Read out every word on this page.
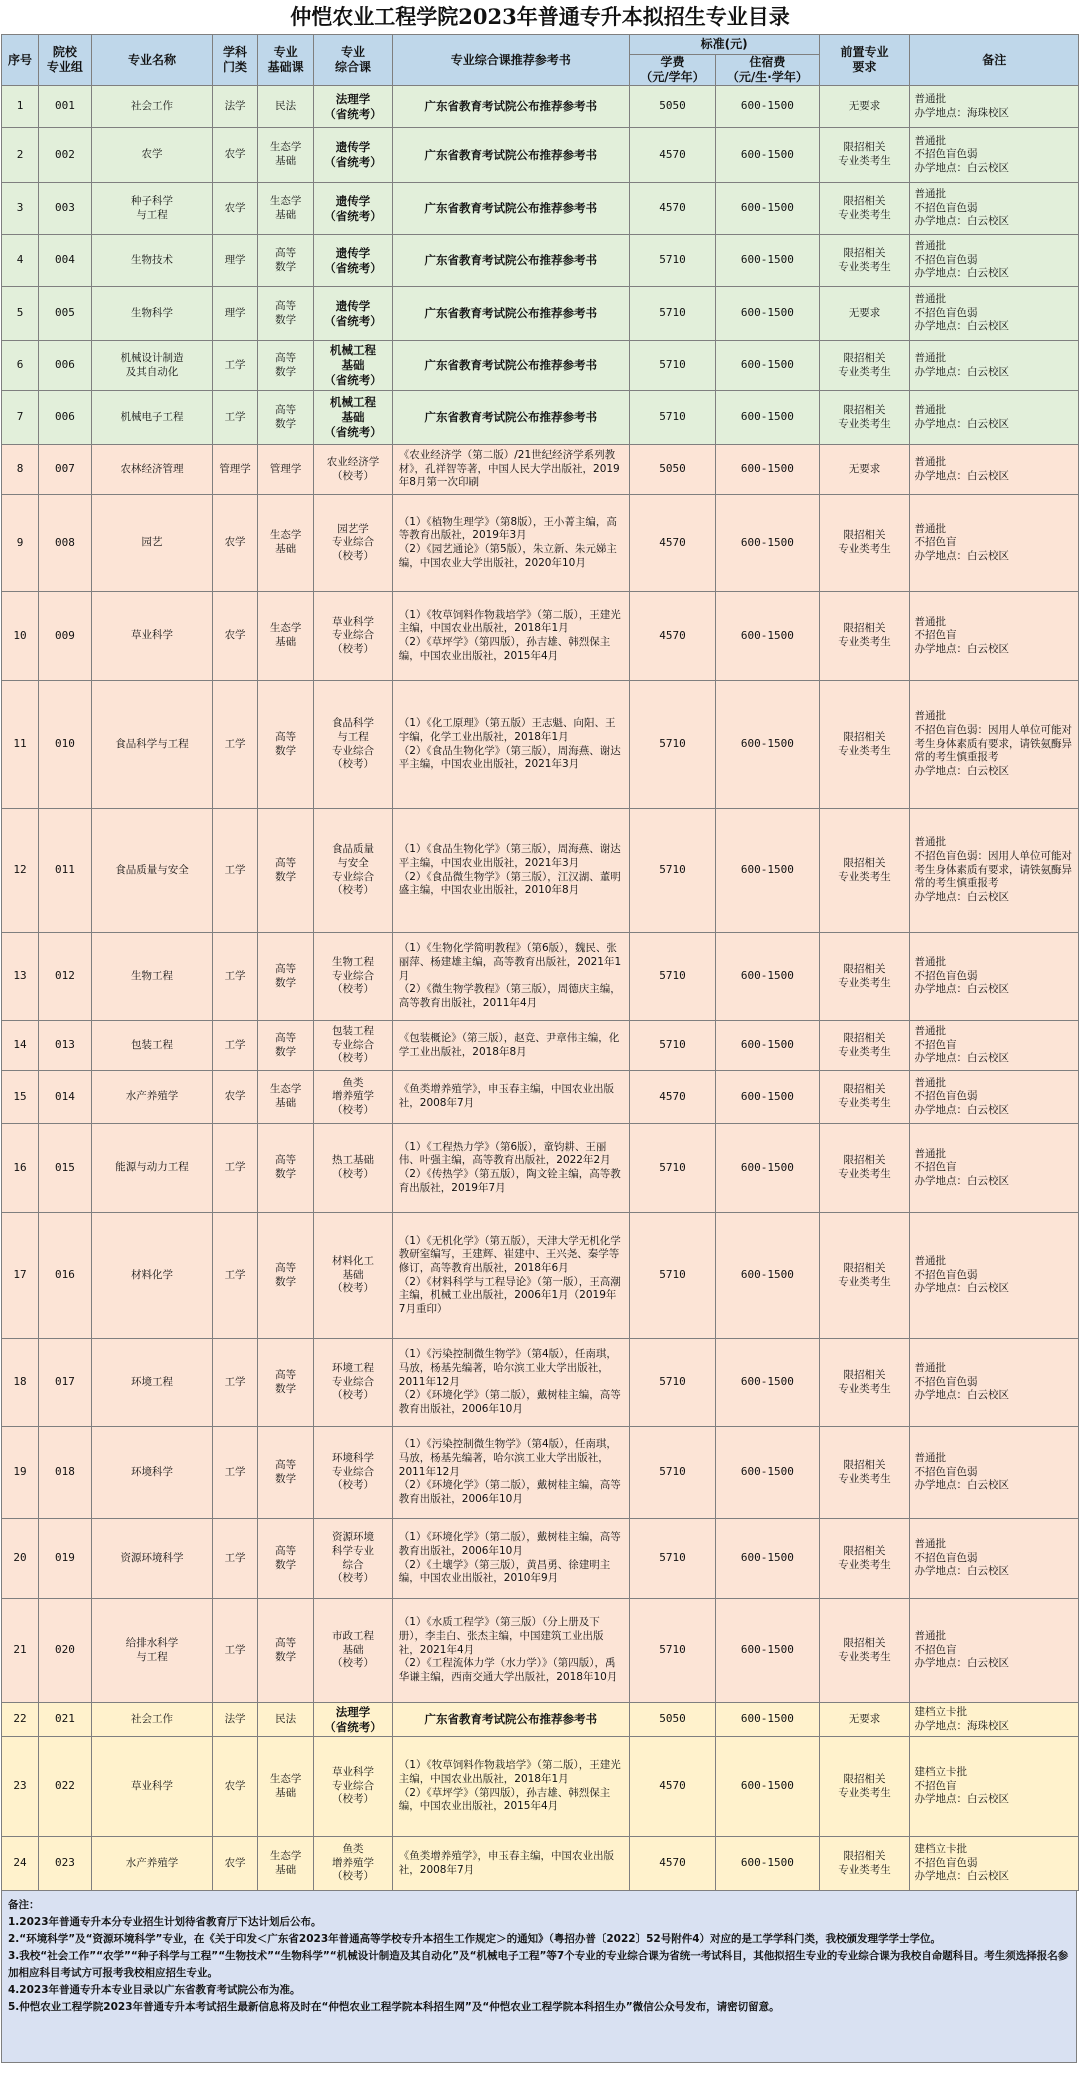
仲恺农业工程学院2023年普通专升本拟招生专业目录
序号	院校
专业组	专业名称	学科
门类	专业
基础课	专业
综合课	专业综合课推荐参考书	标准(元)		前置专业
要求	备注

							学费
（元/学年）	住宿费
（元/生·学年）		

1	001	社会工作	法学	民法	法理学
（省统考）	广东省教育考试院公布推荐参考书	5050	600-1500	无要求	普通批
办学地点：海珠校区

2	002	农学	农学	生态学
基础	遗传学
（省统考）	广东省教育考试院公布推荐参考书	4570	600-1500	限招相关
专业类考生	普通批
不招色盲色弱
办学地点：白云校区

3	003	种子科学
与工程	农学	生态学
基础	遗传学
（省统考）	广东省教育考试院公布推荐参考书	4570	600-1500	限招相关
专业类考生	普通批
不招色盲色弱
办学地点：白云校区

4	004	生物技术	理学	高等
数学	遗传学
（省统考）	广东省教育考试院公布推荐参考书	5710	600-1500	限招相关
专业类考生	普通批
不招色盲色弱
办学地点：白云校区

5	005	生物科学	理学	高等
数学	遗传学
（省统考）	广东省教育考试院公布推荐参考书	5710	600-1500	无要求	普通批
不招色盲色弱
办学地点：白云校区

6	006	机械设计制造
及其自动化	工学	高等
数学	机械工程
基础
（省统考）	广东省教育考试院公布推荐参考书	5710	600-1500	限招相关
专业类考生	普通批
办学地点：白云校区

7	006	机械电子工程	工学	高等
数学	机械工程
基础
（省统考）	广东省教育考试院公布推荐参考书	5710	600-1500	限招相关
专业类考生	普通批
办学地点：白云校区

8	007	农林经济管理	管理学	管理学	农业经济学
（校考）	《农业经济学（第二版）/21世纪经济学系列教材》，孔祥智等著，中国人民大学出版社，2019年8月第一次印刷	5050	600-1500	无要求	普通批
办学地点：白云校区

9	008	园艺	农学	生态学
基础	园艺学
专业综合
（校考）	（1）《植物生理学》（第8版），王小菁主编，高等教育出版社，2019年3月
（2）《园艺通论》（第5版），朱立新、朱元娣主编，中国农业大学出版社，2020年10月	4570	600-1500	限招相关
专业类考生	普通批
不招色盲
办学地点：白云校区

10	009	草业科学	农学	生态学
基础	草业科学
专业综合
（校考）	（1）《牧草饲料作物栽培学》（第二版），王建光主编，中国农业出版社，2018年1月
（2）《草坪学》（第四版），孙吉雄、韩烈保主编，中国农业出版社，2015年4月	4570	600-1500	限招相关
专业类考生	普通批
不招色盲
办学地点：白云校区

11	010	食品科学与工程	工学	高等
数学	食品科学
与工程
专业综合
（校考）	（1）《化工原理》（第五版）王志魁、向阳、王宇编，化学工业出版社，2018年1月
（2）《食品生物化学》（第三版），周海燕、谢达平主编，中国农业出版社，2021年3月	5710	600-1500	限招相关
专业类考生	普通批
不招色盲色弱：因用人单位可能对考生身体素质有要求，请铁氨酶异常的考生慎重报考
办学地点：白云校区

12	011	食品质量与安全	工学	高等
数学	食品质量
与安全
专业综合
（校考）	（1）《食品生物化学》（第三版），周海燕、谢达平主编，中国农业出版社，2021年3月
（2）《食品微生物学》（第三版），江汉湖、董明盛主编，中国农业出版社，2010年8月	5710	600-1500	限招相关
专业类考生	普通批
不招色盲色弱：因用人单位可能对考生身体素质有要求，请铁氨酶异常的考生慎重报考
办学地点：白云校区

13	012	生物工程	工学	高等
数学	生物工程
专业综合
（校考）	（1）《生物化学简明教程》（第6版），魏民、张丽萍、杨建雄主编，高等教育出版社，2021年1月
（2）《微生物学教程》（第三版），周德庆主编，高等教育出版社，2011年4月	5710	600-1500	限招相关
专业类考生	普通批
不招色盲色弱
办学地点：白云校区

14	013	包装工程	工学	高等
数学	包装工程
专业综合
（校考）	《包装概论》（第三版），赵竞、尹章伟主编，化学工业出版社，2018年8月	5710	600-1500	限招相关
专业类考生	普通批
不招色盲
办学地点：白云校区

15	014	水产养殖学	农学	生态学
基础	鱼类
增养殖学
（校考）	《鱼类增养殖学》，申玉春主编，中国农业出版社，2008年7月	4570	600-1500	限招相关
专业类考生	普通批
不招色盲色弱
办学地点：白云校区

16	015	能源与动力工程	工学	高等
数学	热工基础
（校考）	（1）《工程热力学》（第6版），童钧耕、王丽伟、叶强主编，高等教育出版社，2022年2月
（2）《传热学》（第五版），陶文铨主编，高等教育出版社，2019年7月	5710	600-1500	限招相关
专业类考生	普通批
不招色盲
办学地点：白云校区

17	016	材料化学	工学	高等
数学	材料化工
基础
（校考）	（1）《无机化学》（第五版），天津大学无机化学教研室编写，王建辉、崔建中、王兴尧、秦学等修订，高等教育出版社，2018年6月
（2）《材料科学与工程导论》（第一版），王高潮主编，机械工业出版社，2006年1月（2019年7月重印）	5710	600-1500	限招相关
专业类考生	普通批
不招色盲色弱
办学地点：白云校区

18	017	环境工程	工学	高等
数学	环境工程
专业综合
（校考）	（1）《污染控制微生物学》（第4版），任南琪，马放，杨基先编著，哈尔滨工业大学出版社，2011年12月
（2）《环境化学》（第二版），戴树桂主编，高等教育出版社，2006年10月	5710	600-1500	限招相关
专业类考生	普通批
不招色盲色弱
办学地点：白云校区

19	018	环境科学	工学	高等
数学	环境科学
专业综合
（校考）	（1）《污染控制微生物学》（第4版），任南琪，马放，杨基先编著，哈尔滨工业大学出版社，2011年12月
（2）《环境化学》（第二版），戴树桂主编，高等教育出版社，2006年10月	5710	600-1500	限招相关
专业类考生	普通批
不招色盲色弱
办学地点：白云校区

20	019	资源环境科学	工学	高等
数学	资源环境
科学专业
综合
（校考）	（1）《环境化学》（第二版），戴树桂主编，高等教育出版社，2006年10月
（2）《土壤学》（第三版），黄昌勇、徐建明主编，中国农业出版社，2010年9月	5710	600-1500	限招相关
专业类考生	普通批
不招色盲色弱
办学地点：白云校区

21	020	给排水科学
与工程	工学	高等
数学	市政工程
基础
（校考）	（1）《水质工程学》（第三版）（分上册及下册），李圭白、张杰主编，中国建筑工业出版社，2021年4月
（2）《工程流体力学（水力学）》（第四版），禹华谦主编，西南交通大学出版社，2018年10月	5710	600-1500	限招相关
专业类考生	普通批
不招色盲
办学地点：白云校区

22	021	社会工作	法学	民法	法理学
（省统考）	广东省教育考试院公布推荐参考书	5050	600-1500	无要求	建档立卡批
办学地点：海珠校区

23	022	草业科学	农学	生态学
基础	草业科学
专业综合
（校考）	（1）《牧草饲料作物栽培学》（第二版），王建光主编，中国农业出版社，2018年1月
（2）《草坪学》（第四版），孙吉雄、韩烈保主编，中国农业出版社，2015年4月	4570	600-1500	限招相关
专业类考生	建档立卡批
不招色盲
办学地点：白云校区

24	023	水产养殖学	农学	生态学
基础	鱼类
增养殖学
（校考）	《鱼类增养殖学》，申玉春主编，中国农业出版社，2008年7月	4570	600-1500	限招相关
专业类考生	建档立卡批
不招色盲色弱
办学地点：白云校区
备注：
1.2023年普通专升本分专业招生计划待省教育厅下达计划后公布。
2.“环境科学”及“资源环境科学”专业，在《关于印发＜广东省2023年普通高等学校专升本招生工作规定＞的通知》（粤招办普〔2022〕52号附件4）对应的是工学学科门类，我校颁发理学学士学位。
3.我校“社会工作”“农学”“种子科学与工程”“生物技术”“生物科学”“机械设计制造及其自动化”及“机械电子工程”等7个专业的专业综合课为省统一考试科目，其他拟招生专业的专业综合课为我校自命题科目。考生须选择报名参加相应科目考试方可报考我校相应招生专业。
4.2023年普通专升本专业目录以广东省教育考试院公布为准。
5.仲恺农业工程学院2023年普通专升本考试招生最新信息将及时在“仲恺农业工程学院本科招生网”及“仲恺农业工程学院本科招生办”微信公众号发布，请密切留意。
